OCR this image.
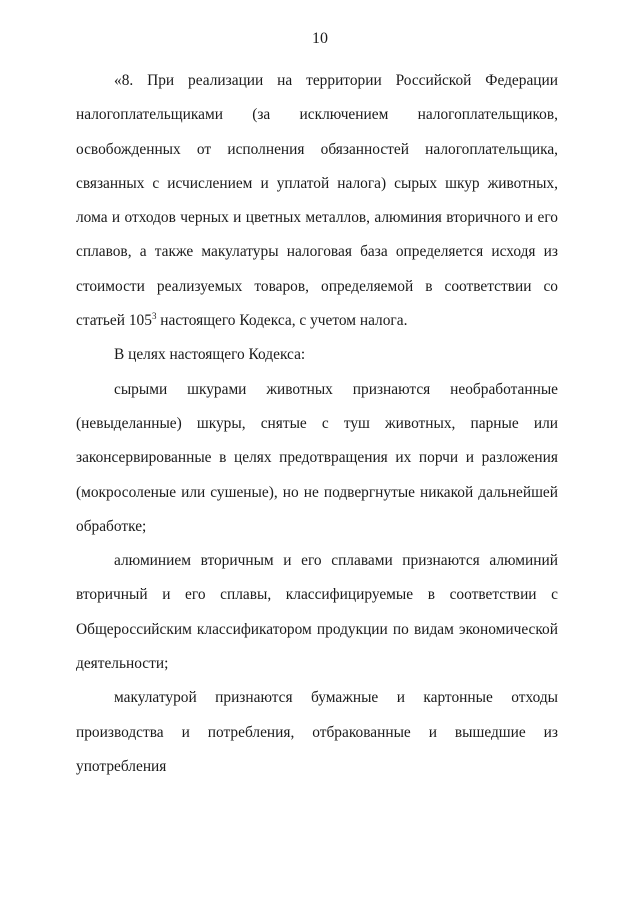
10

«8. При реализации на территории Российской Федерации налогоплательщиками (за исключением налогоплательщиков, освобожденных от исполнения обязанностей налогоплательщика, связанных с исчислением и уплатой налога) сырых шкур животных, лома и отходов черных и цветных металлов, алюминия вторичного и его сплавов, а также макулатуры налоговая база определяется исходя из стоимости реализуемых товаров, определяемой в соответствии со статьей $105^3$ настоящего Кодекса, с учетом налога.

В целях настоящего Кодекса:

сырыми шкурами животных признаются необработанные (невыделанные) шкуры, снятые с туш животных, парные или законсервированные в целях предотвращения их порчи и разложения (мокросоленые или сушеные), но не подвергнутые никакой дальнейшей обработке;

алюминием вторичным и его сплавами признаются алюминий вторичный и его сплавы, классифицируемые в соответствии с Общероссийским классификатором продукции по видам экономической деятельности;

макулатурой признаются бумажные и картонные отходы производства и потребления, отбракованные и вышедшие из употребления
